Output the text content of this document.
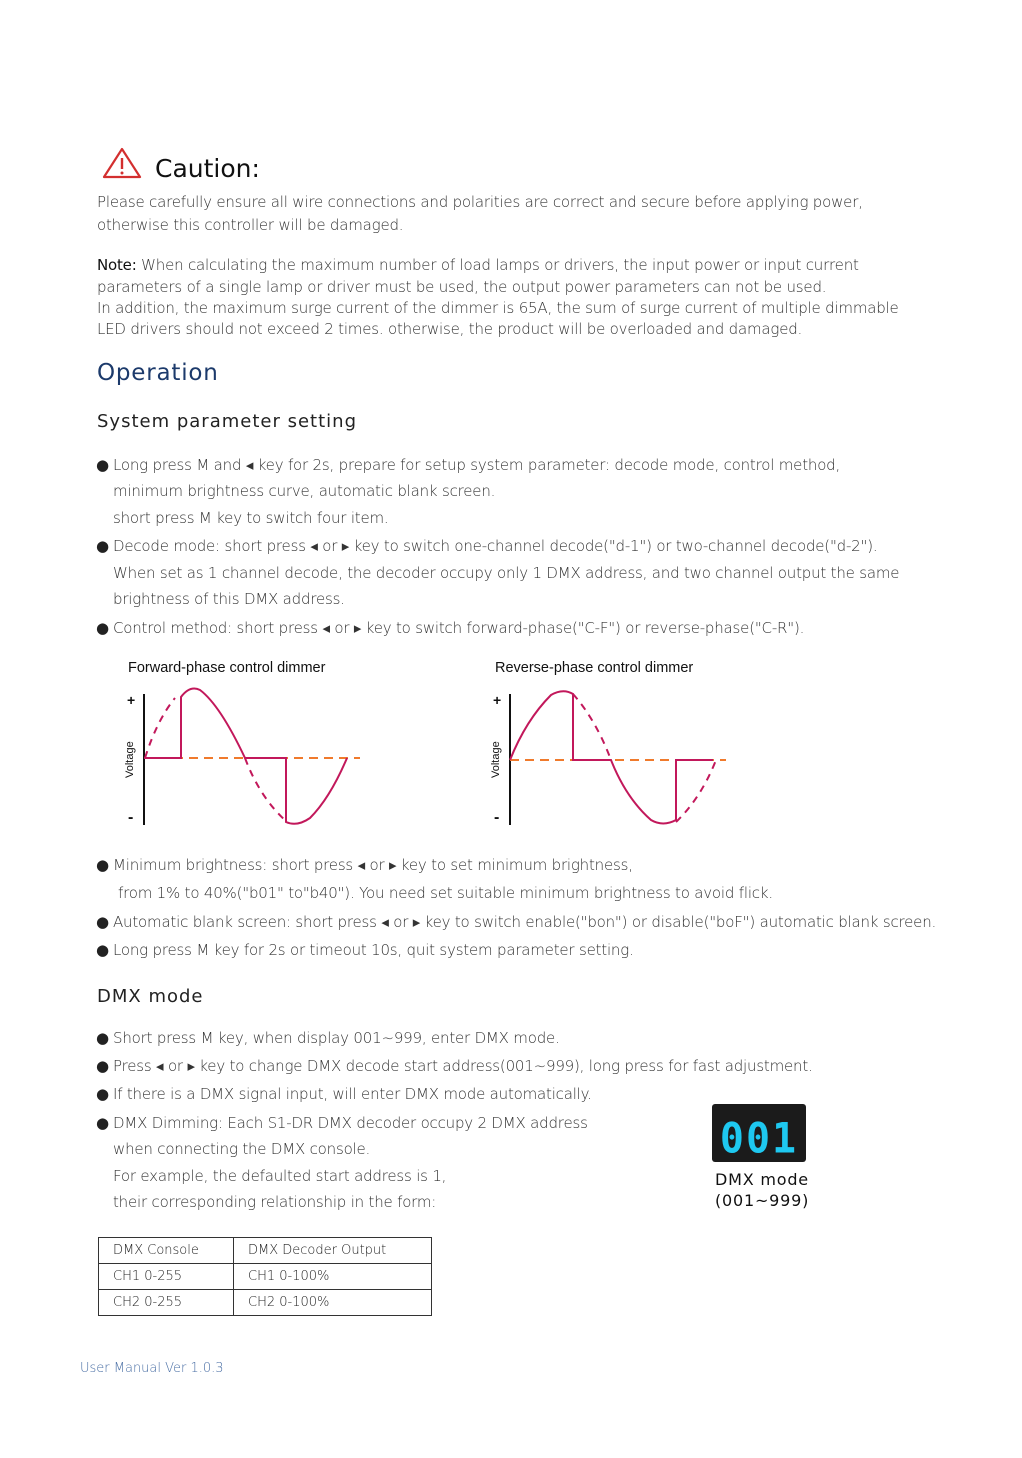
Caution:
Please carefully ensure all wire connections and polarities are correct and secure before applying power,
otherwise this controller will be damaged.
Note: When calculating the maximum number of load lamps or drivers, the input power or input current
parameters of a single lamp or driver must be used, the output power parameters can not be used.
In addition, the maximum surge current of the dimmer is 65A, the sum of surge current of multiple dimmable
LED drivers should not exceed 2 times. otherwise, the product will be overloaded and damaged.
Operation
System parameter setting
● Long press M and ◂ key for 2s, prepare for setup system parameter: decode mode, control method,
minimum brightness curve, automatic blank screen.
short press M key to switch four item.
● Decode mode: short press ◂ or ▸ key to switch one-channel decode("d-1") or two-channel decode("d-2").
When set as 1 channel decode, the decoder occupy only 1 DMX address, and two channel output the same
brightness of this DMX address.
● Control method: short press ◂ or ▸ key to switch forward-phase("C-F") or reverse-phase("C-R").
Forward-phase control dimmer
+
-
Voltage
Reverse-phase control dimmer
+
-
Voltage
● Minimum brightness: short press ◂ or ▸ key to set minimum brightness,
from 1% to 40%("b01" to"b40"). You need set suitable minimum brightness to avoid flick.
● Automatic blank screen: short press ◂ or ▸ key to switch enable("bon") or disable("boF") automatic blank screen.
● Long press M key for 2s or timeout 10s, quit system parameter setting.
DMX mode
● Short press M key, when display 001~999, enter DMX mode.
● Press ◂ or ▸ key to change DMX decode start address(001~999), long press for fast adjustment.
● If there is a DMX signal input, will enter DMX mode automatically.
● DMX Dimming: Each S1-DR DMX decoder occupy 2 DMX address
when connecting the DMX console.
For example, the defaulted start address is 1,
their corresponding relationship in the form:
001
DMX mode
(001~999)
DMX Console	DMX Decoder Output
CH1 0-255	CH1 0-100%
CH2 0-255	CH2 0-100%
User Manual Ver 1.0.3
